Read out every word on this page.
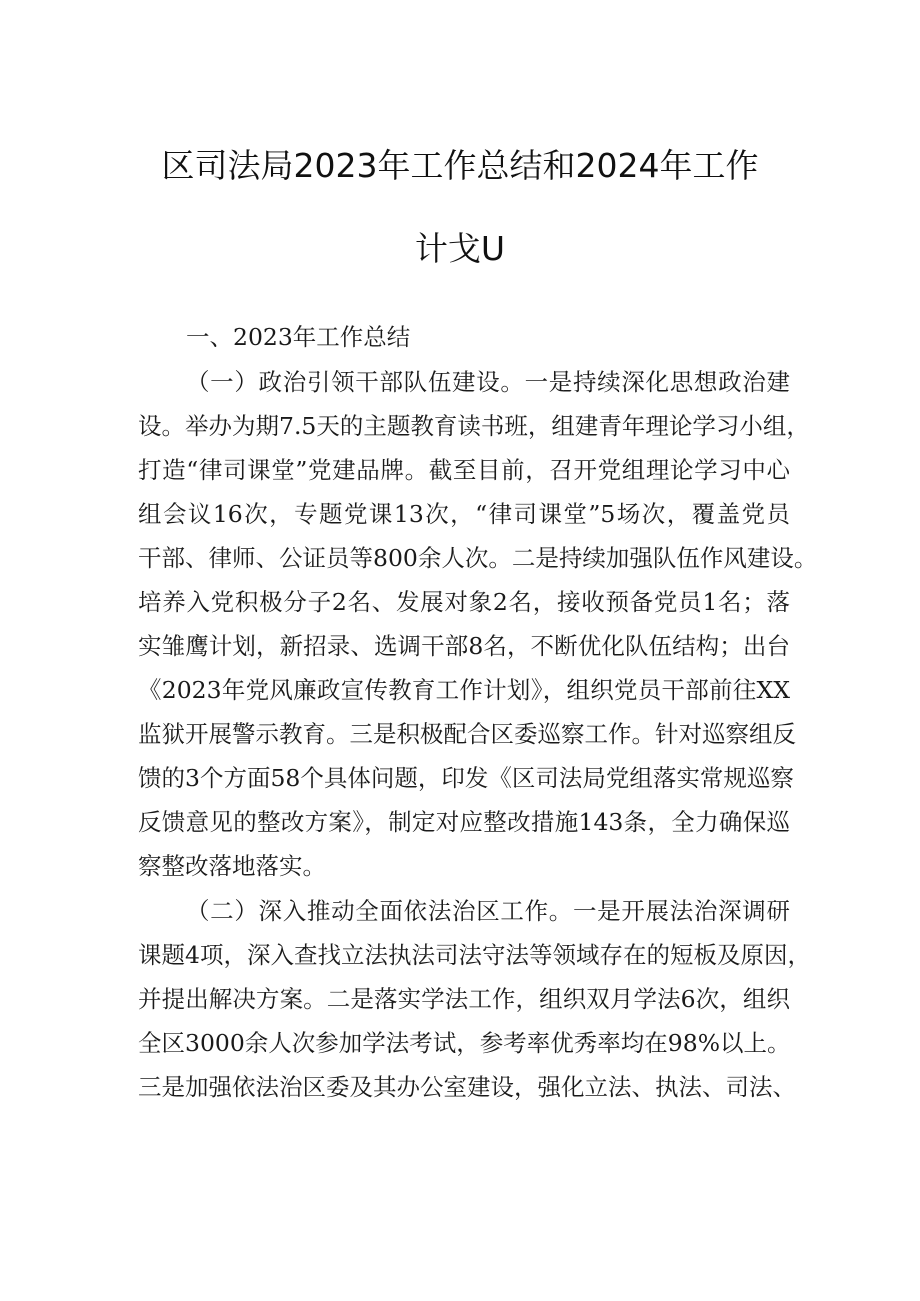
区司法局2023年工作总结和2024年工作
计戈U
一、2023年工作总结
（一）政治引领干部队伍建设。一是持续深化思想政治建
设。举办为期7.5天的主题教育读书班，组建青年理论学习小组，
打造“律司课堂”党建品牌。截至目前，召开党组理论学习中心
组会议16次，专题党课13次，“律司课堂”5场次，覆盖党员
干部、律师、公证员等800余人次。二是持续加强队伍作风建设。
培养入党积极分子2名、发展对象2名，接收预备党员1名；落
实雏鹰计划，新招录、选调干部8名，不断优化队伍结构；出台
《2023年党风廉政宣传教育工作计划》，组织党员干部前往XX
监狱开展警示教育。三是积极配合区委巡察工作。针对巡察组反
馈的3个方面58个具体问题，印发《区司法局党组落实常规巡察
反馈意见的整改方案》，制定对应整改措施143条，全力确保巡
察整改落地落实。
（二）深入推动全面依法治区工作。一是开展法治深调研
课题4项，深入查找立法执法司法守法等领域存在的短板及原因，
并提出解决方案。二是落实学法工作，组织双月学法6次，组织
全区3000余人次参加学法考试，参考率优秀率均在98%以上。
三是加强依法治区委及其办公室建设，强化立法、执法、司法、
